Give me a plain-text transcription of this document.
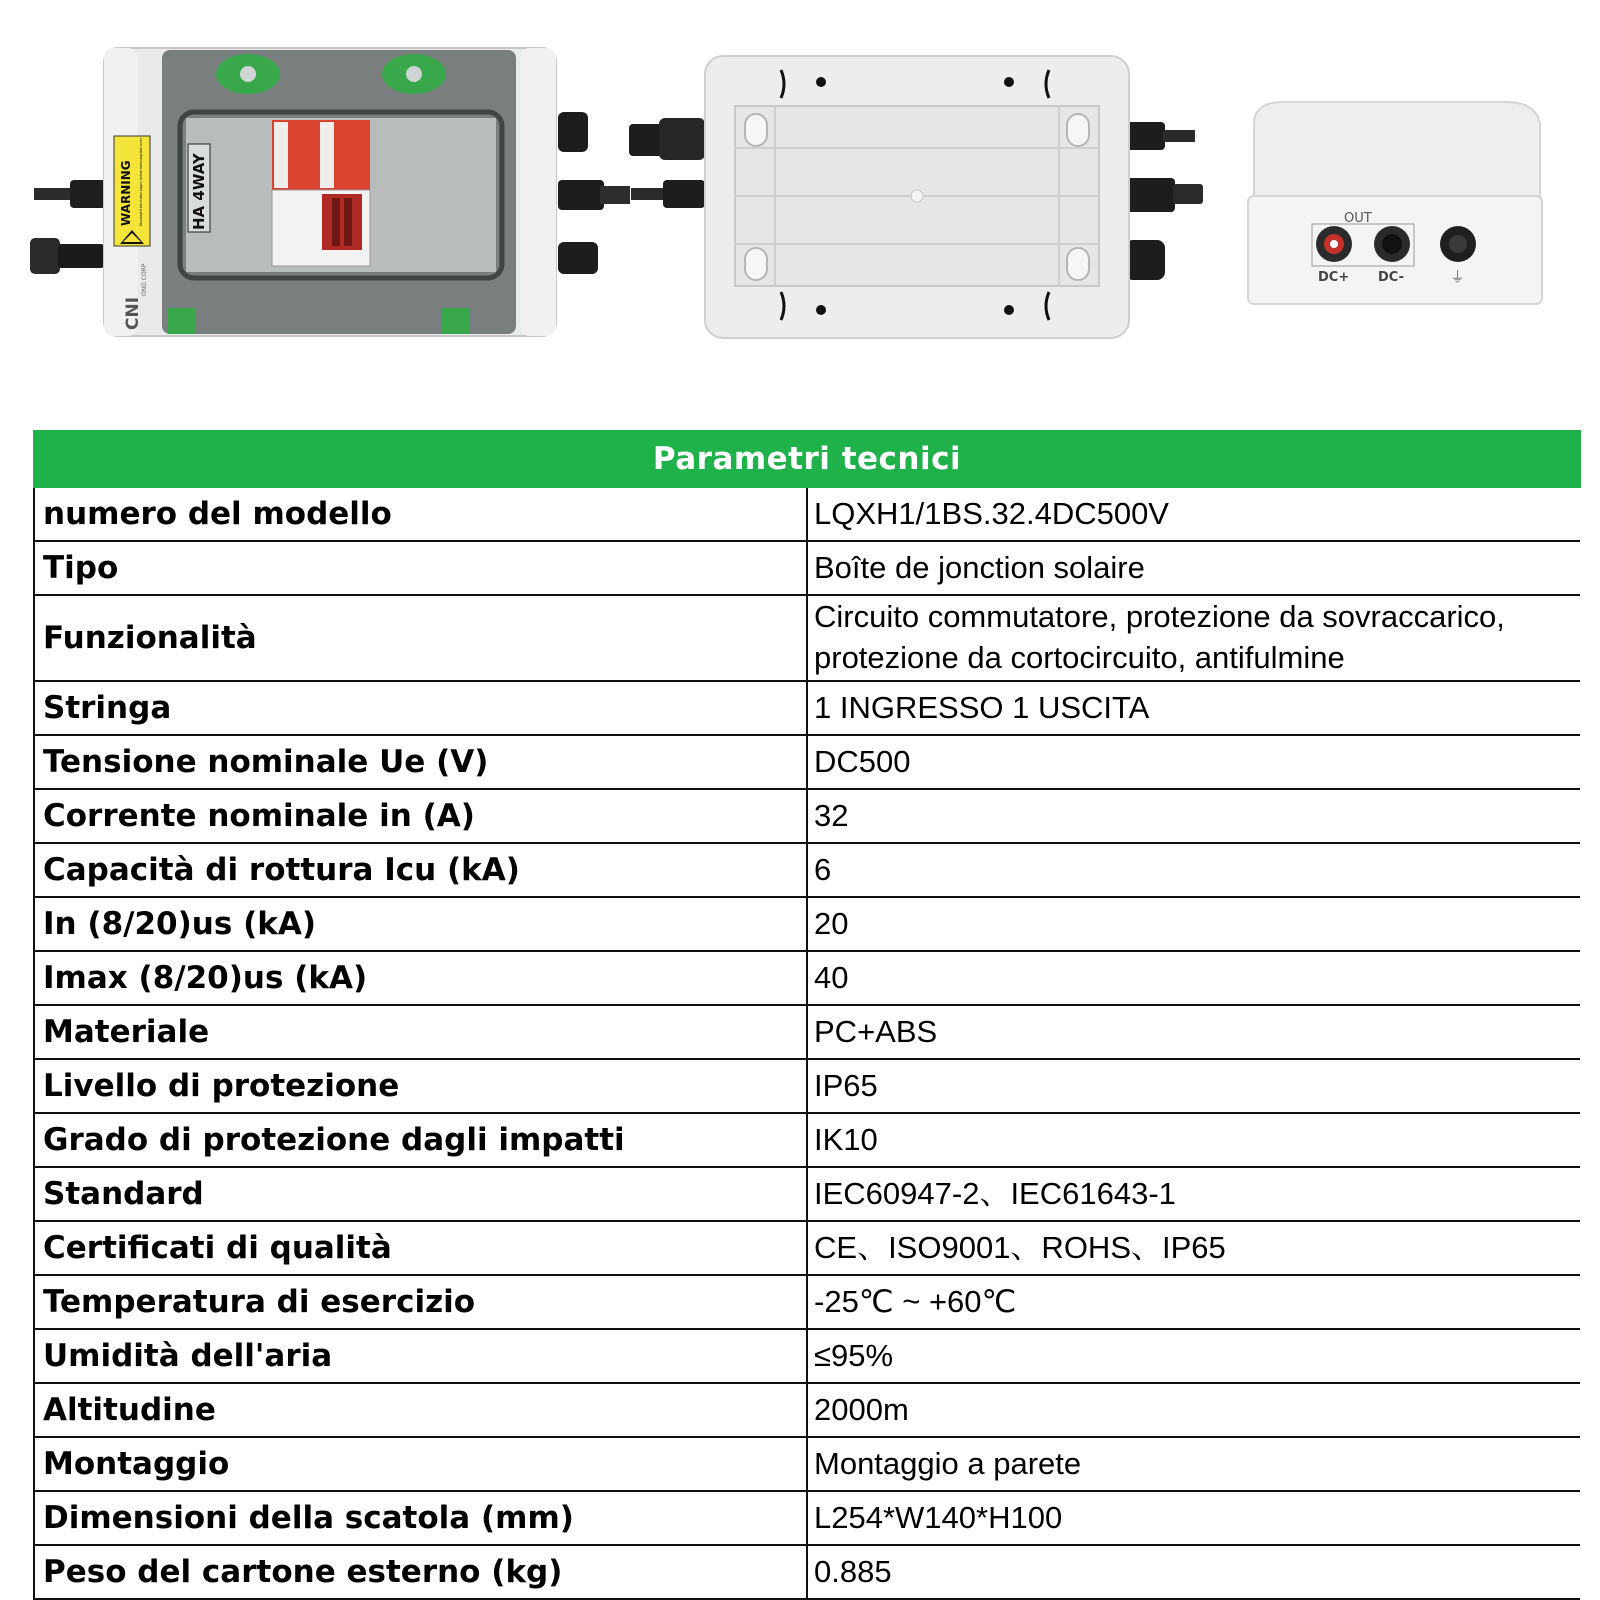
HA 4WAY
WARNING Disconnect the mains supply before removing this cover
CNI
ONG CORP
OUT
DC+ DC-	⏚
Parametri tecnici	
numero del modello	LQXH1/1BS.32.4DC500V
Tipo	Boîte de jonction solaire
Funzionalità	Circuito commutatore, protezione da sovraccarico, protezione da cortocircuito, antifulmine
Stringa	1 INGRESSO 1 USCITA
Tensione nominale Ue (V)	DC500
Corrente nominale in (A)	32
Capacità di rottura Icu (kA)	6
In (8/20)us (kA)	20
Imax (8/20)us (kA)	40
Materiale	PC+ABS
Livello di protezione	IP65
Grado di protezione dagli impatti	IK10
Standard	IEC60947-2、IEC61643-1
Certificati di qualità	CE、ISO9001、ROHS、IP65
Temperatura di esercizio	-25℃ ~ +60℃
Umidità dell'aria	≤95%
Altitudine	2000m
Montaggio	Montaggio a parete
Dimensioni della scatola (mm)	L254*W140*H100
Peso del cartone esterno (kg)	0.885
